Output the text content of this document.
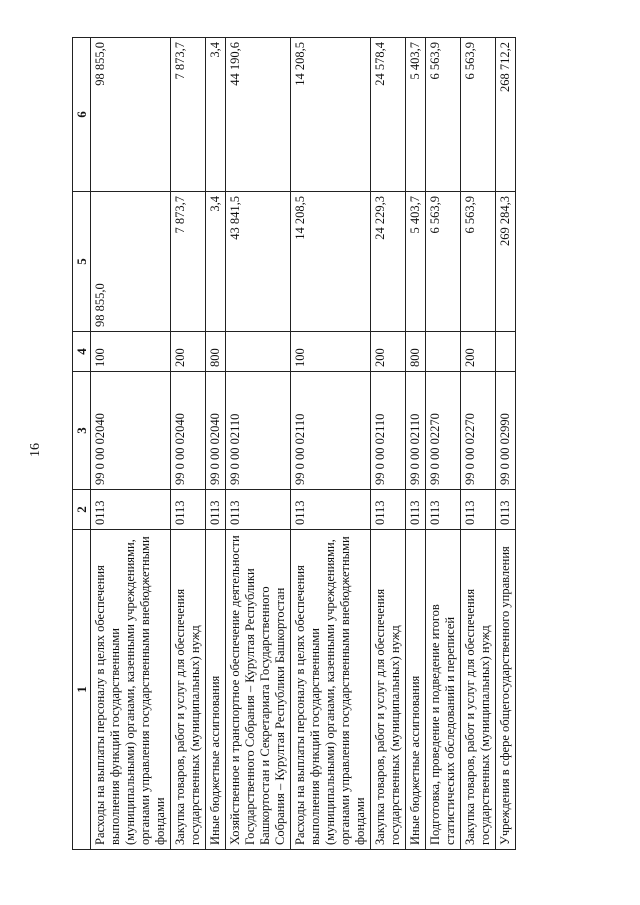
16
1	2	3	4	5	6
Расходы на выплаты персоналу в целях обеспечения выполнения функций государственными (муниципальными) органами, казенными учреждениями, органами управления государственными внебюджетными фондами	0113	99 0 00 02040	100	98 855,0	98 855,0
Закупка товаров, работ и услуг для обеспечения государственных (муниципальных) нужд	0113	99 0 00 02040	200	7 873,7	7 873,7
Иные бюджетные ассигнования	0113	99 0 00 02040	800	3,4	3,4
Хозяйственное и транспортное обеспечение деятельности Государственного Собрания – Курултая Республики Башкортостан и Секретариата Государственного Собрания – Курултая Республики Башкортостан	0113	99 0 00 02110		43 841,5	44 190,6
Расходы на выплаты персоналу в целях обеспечения выполнения функций государственными (муниципальными) органами, казенными учреждениями, органами управления государственными внебюджетными фондами	0113	99 0 00 02110	100	14 208,5	14 208,5
Закупка товаров, работ и услуг для обеспечения государственных (муниципальных) нужд	0113	99 0 00 02110	200	24 229,3	24 578,4
Иные бюджетные ассигнования	0113	99 0 00 02110	800	5 403,7	5 403,7
Подготовка, проведение и подведение итогов статистических обследований и переписей	0113	99 0 00 02270		6 563,9	6 563,9
Закупка товаров, работ и услуг для обеспечения государственных (муниципальных) нужд	0113	99 0 00 02270	200	6 563,9	6 563,9
Учреждения в сфере общегосударственного управления	0113	99 0 00 02990		269 284,3	268 712,2
